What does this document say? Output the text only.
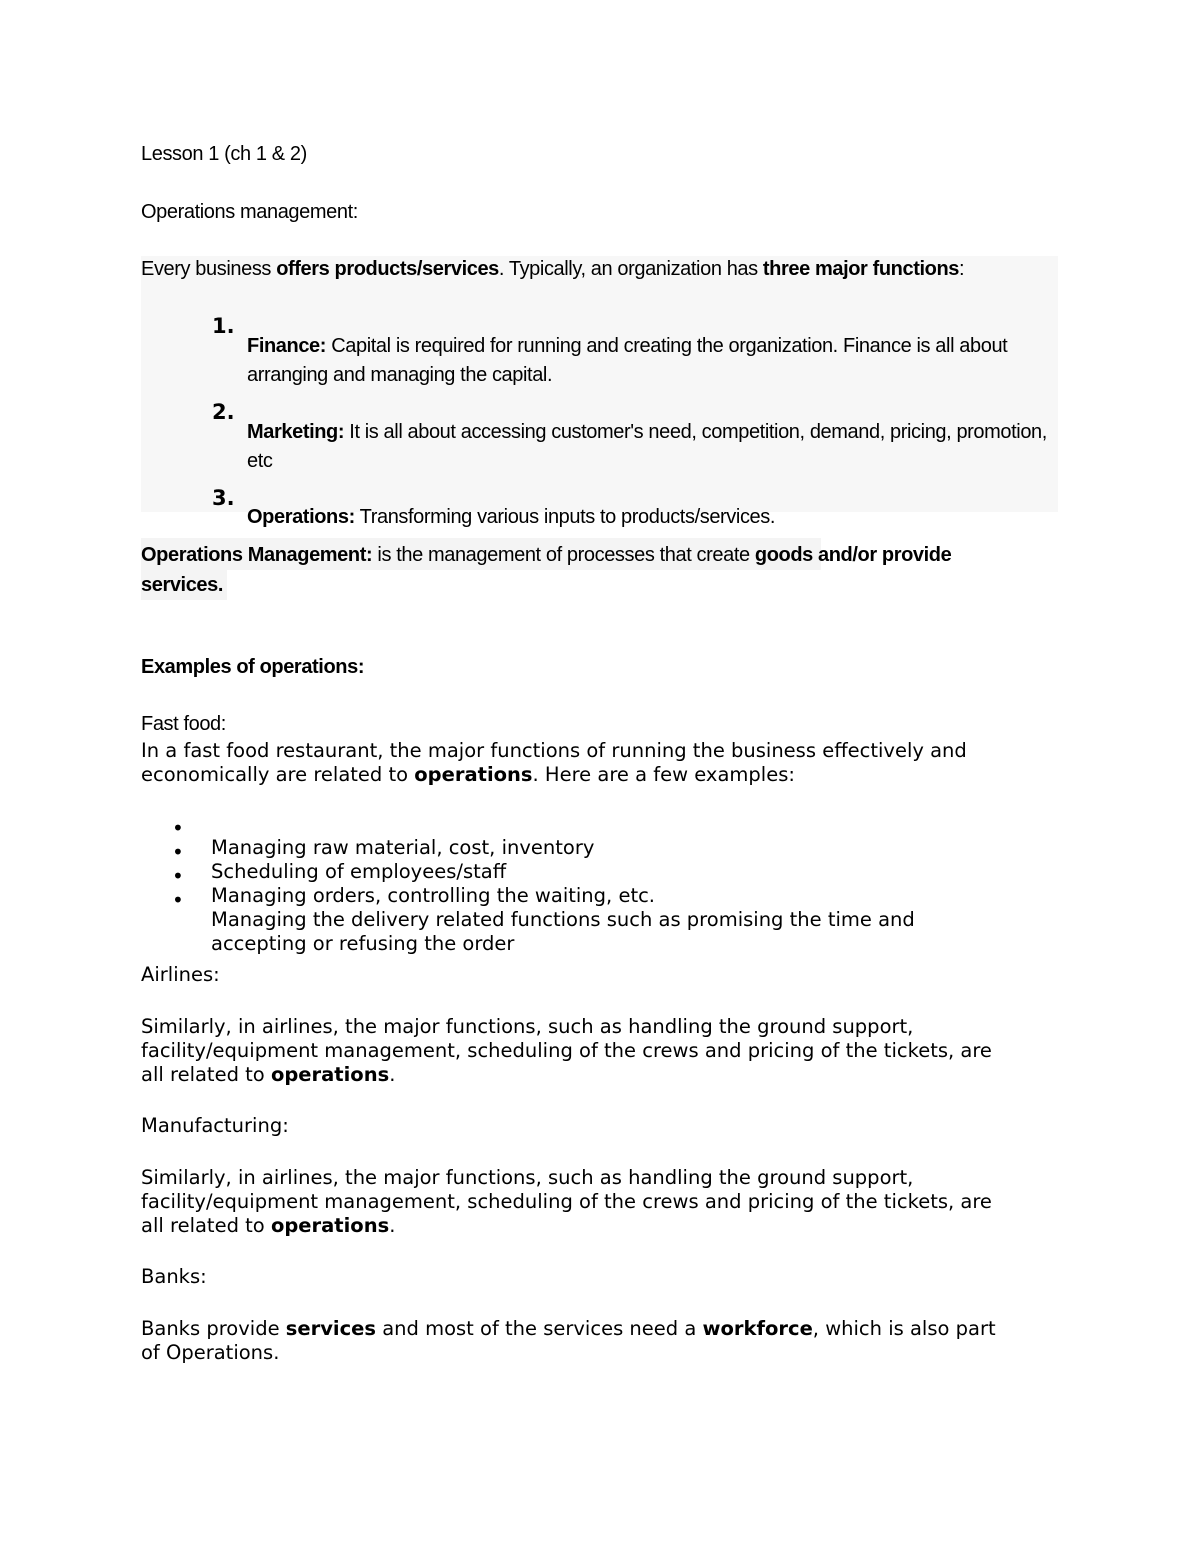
Lesson 1 (ch 1 & 2)

Operations management:

Every business offers products/services. Typically, an organization has three major functions:

1.

Finance: Capital is required for running and creating the organization. Finance is all about arranging and managing the capital.

2.

Marketing: It is all about accessing customer's need, competition, demand, pricing, promotion, etc

3.

Operations: Transforming various inputs to products/services.

Operations Management: is the management of processes that create goods and/or provide
services.

Examples of operations:

Fast food:

In a fast food restaurant, the major functions of running the business effectively and
economically are related to operations. Here are a few examples:

•

Managing raw material, cost, inventory

•

Scheduling of employees/staff

•

Managing orders, controlling the waiting, etc.

•

Managing the delivery related functions such as promising the time and accepting or refusing the order

Airlines:

Similarly, in airlines, the major functions, such as handling the ground support,
facility/equipment management, scheduling of the crews and pricing of the tickets, are
all related to operations.

Manufacturing:

Similarly, in airlines, the major functions, such as handling the ground support,
facility/equipment management, scheduling of the crews and pricing of the tickets, are
all related to operations.

Banks:

Banks provide services and most of the services need a workforce, which is also part
of Operations.
